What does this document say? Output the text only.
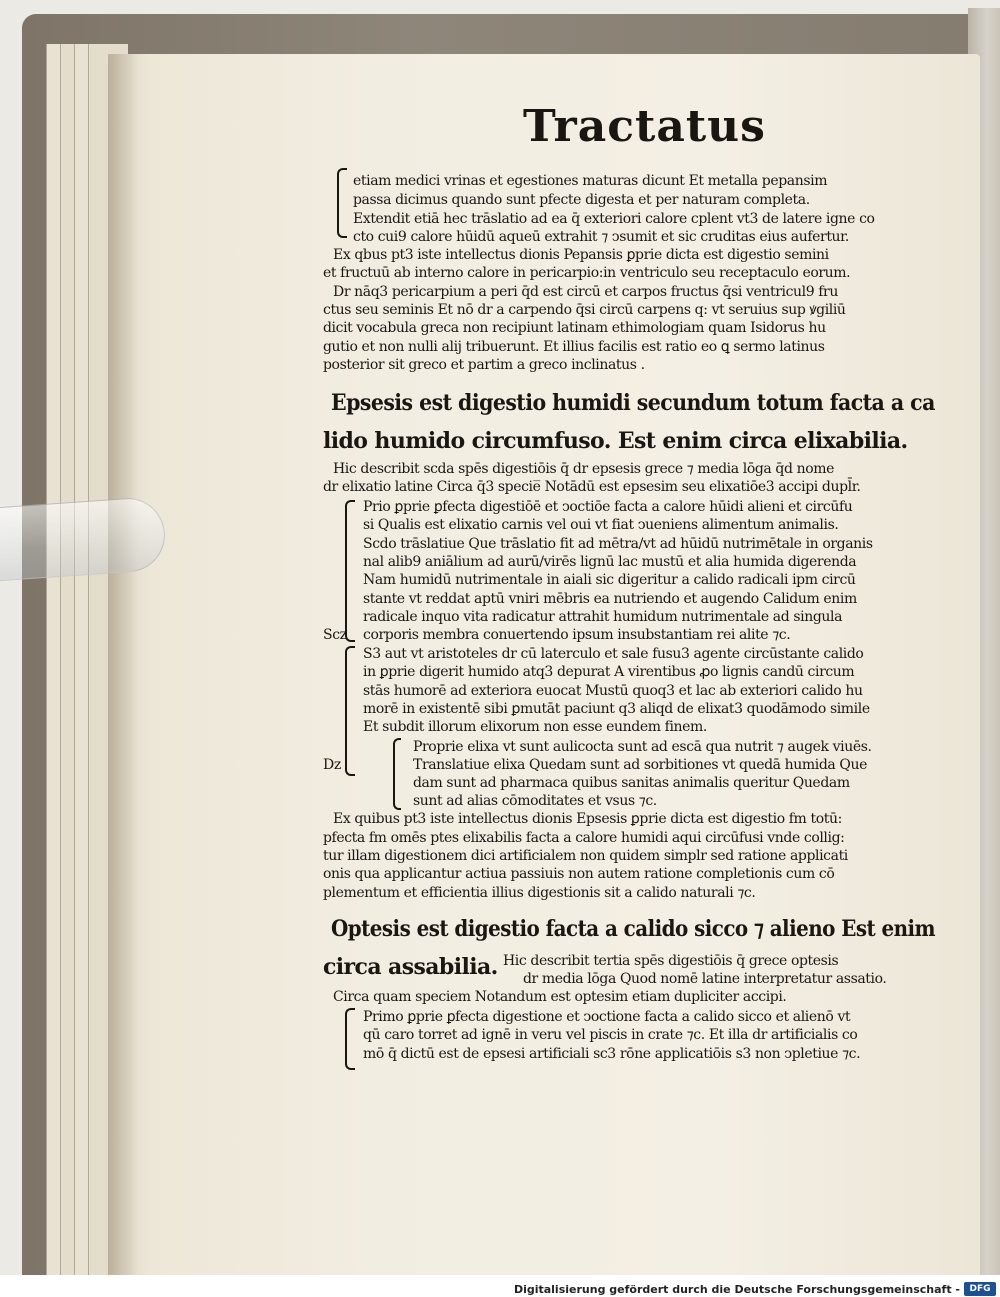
Tractatus
etiam medici vrinas et egestiones maturas dicunt Et metalla pepansim
passa dicimus quando sunt pfecte digesta et per naturam completa.
Extendit etiā hec trāslatio ad ea q̄ exteriori calore cplent vt3 de latere igne co
cto cui9 calore hūidū aqueū extrahit ⁊ ↄsumit et sic cruditas eius aufertur.
Ex qbus pt3 iste intellectus dionis Pepansis ꝑprie dicta est digestio semini
et fructuū ab interno calore in pericarpio:in ventriculo seu receptaculo eorum.
Dr nāq3 pericarpium a peri q̄d est circū et carpos fructus q̄si ventricul9 fru
ctus seu seminis Et nō dr a carpendo q̄si circū carpens q: vt seruius sup ꝟgiliū
dicit vocabula greca non recipiunt latinam ethimologiam quam Isidorus hu
gutio et non nulli alij tribuerunt. Et illius facilis est ratio eo ꝗ sermo latinus
posterior sit greco et partim a greco inclinatus .
Epsesis est digestio humidi secundum totum facta a ca
lido humido circumfuso. Est enim circa elixabilia.
Hic describit scda spēs digestiōis q̄ dr epsesis grece ⁊ media lōga q̄d nome
dr elixatio latine Circa q̄3 specie̅ Notādū est epsesim seu elixatiōe3 accipi dupl̄r.
Prio ꝑprie ꝑfecta digestiōē et ↄoctiōe facta a calore hūidi alieni et circūfu
si Qualis est elixatio carnis vel oui vt fiat ↄueniens alimentum animalis.
Scdo trāslatiue Que trāslatio fit ad mētra/vt ad hūidū nutrimētale in organis
nal alib9 aniālium ad aurū/virēs lignū lac mustū et alia humida digerenda
Nam humidū nutrimentale in aiali sic digeritur a calido radicali ipm circū
stante vt reddat aptū vniri mēbris ea nutriendo et augendo Calidum enim
radicale inquo vita radicatur attrahit humidum nutrimentale ad singula
Scz corporis membra conuertendo ipsum insubstantiam rei alite ⁊c.
S3 aut vt aristoteles dr cū laterculo et sale fusu3 agente circūstante calido
in ꝑprie digerit humido atq3 depurat A virentibus ꝓo lignis candū circum
stās humorē ad exteriora euocat Mustū quoq3 et lac ab exteriori calido hu
morē in existentē sibi ꝑmutāt paciunt q3 aliqd de elixat3 quodāmodo simile
Et subdit illorum elixorum non esse eundem finem.
Proprie elixa vt sunt aulicocta sunt ad escā qua nutrit ⁊ augek viuēs.
Dz	Translatiue elixa Quedam sunt ad sorbitiones vt quedā humida Que
dam sunt ad pharmaca quibus sanitas animalis queritur Quedam
sunt ad alias cōmoditates et vsus ⁊c.
Ex quibus pt3 iste intellectus dionis Epsesis ꝑprie dicta est digestio fm totū:
pfecta fm omēs ptes elixabilis facta a calore humidi aqui circūfusi vnde collig:
tur illam digestionem dici artificialem non quidem simplr sed ratione applicati
onis qua applicantur actiua passiuis non autem ratione completionis cum cō
plementum et efficientia illius digestionis sit a calido naturali ⁊c.
Optesis est digestio facta a calido sicco ⁊ alieno Est enim
circa assabilia. Hic describit tertia spēs digestiōis q̄ grece optesis
dr media lōga Quod nomē latine interpretatur assatio.
Circa quam speciem Notandum est optesim etiam dupliciter accipi.
Primo ꝑprie ꝑfecta digestione et ↄoctione facta a calido sicco et alienō vt
qū caro torret ad ignē in veru vel piscis in crate ⁊c. Et illa dr artificialis co
mō q̄ dictū est de epsesi artificiali sc3 rōne applicatiōis s3 non ↄpletiue ⁊c.
Digitalisierung gefördert durch die Deutsche Forschungsgemeinschaft -	DFG
